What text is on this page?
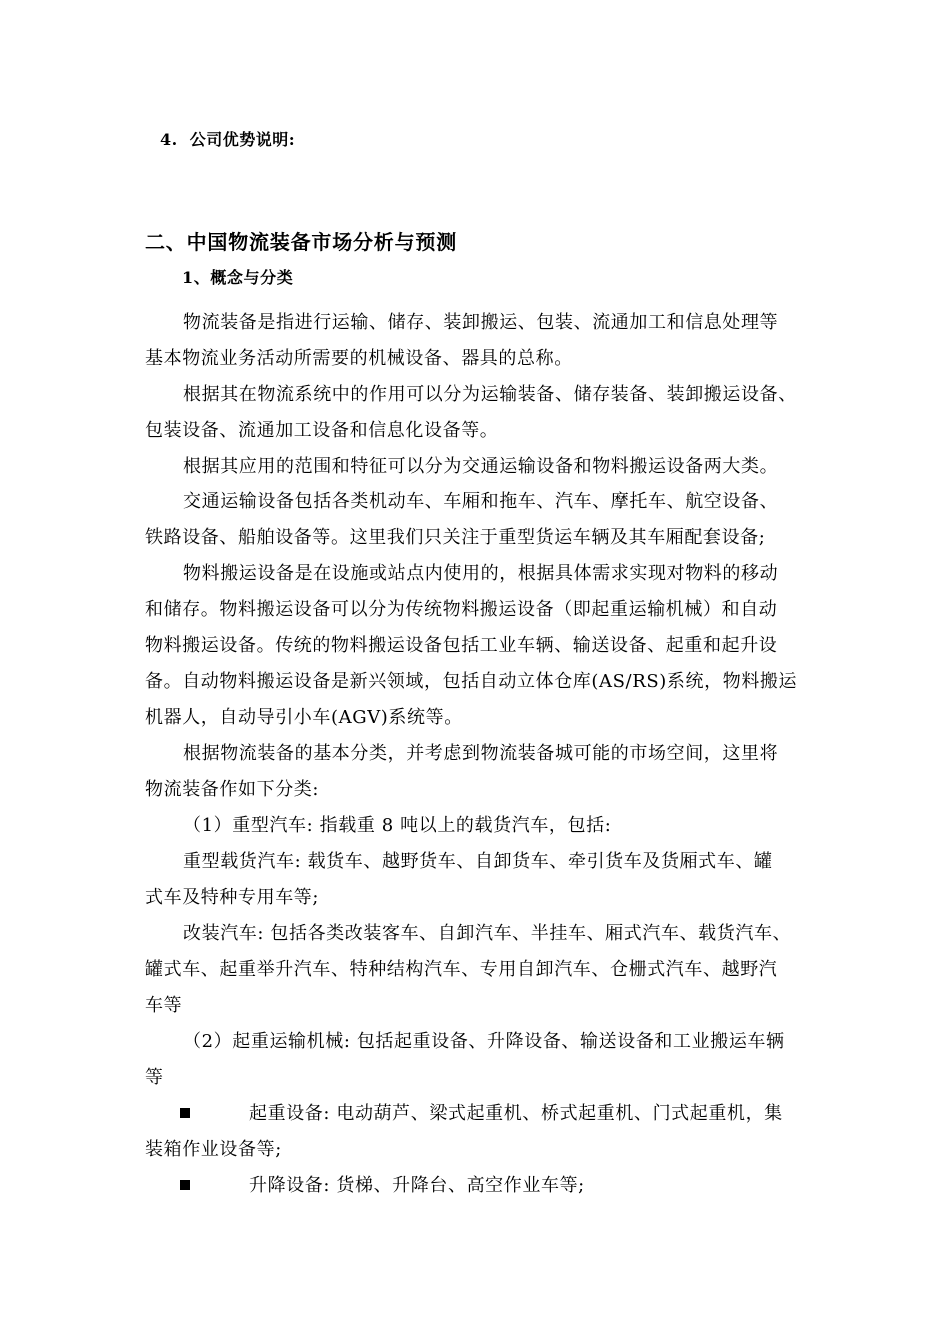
4. 公司优势说明:
二、中国物流装备市场分析与预测
1、概念与分类
物流装备是指进行运输、储存、装卸搬运、包装、流通加工和信息处理等
基本物流业务活动所需要的机械设备、器具的总称。
根据其在物流系统中的作用可以分为运输装备、储存装备、装卸搬运设备、
包装设备、流通加工设备和信息化设备等。
根据其应用的范围和特征可以分为交通运输设备和物料搬运设备两大类。
交通运输设备包括各类机动车、车厢和拖车、汽车、摩托车、航空设备、
铁路设备、船舶设备等。这里我们只关注于重型货运车辆及其车厢配套设备;
物料搬运设备是在设施或站点内使用的，根据具体需求实现对物料的移动
和储存。物料搬运设备可以分为传统物料搬运设备（即起重运输机械）和自动
物料搬运设备。传统的物料搬运设备包括工业车辆、输送设备、起重和起升设
备。自动物料搬运设备是新兴领域，包括自动立体仓库(AS/RS)系统，物料搬运
机器人，自动导引小车(AGV)系统等。
根据物流装备的基本分类，并考虑到物流装备城可能的市场空间，这里将
物流装备作如下分类:
（1）重型汽车: 指载重 8 吨以上的载货汽车，包括:
重型载货汽车: 载货车、越野货车、自卸货车、牵引货车及货厢式车、罐
式车及特种专用车等;
改装汽车: 包括各类改装客车、自卸汽车、半挂车、厢式汽车、载货汽车、
罐式车、起重举升汽车、特种结构汽车、专用自卸汽车、仓栅式汽车、越野汽
车等
（2）起重运输机械: 包括起重设备、升降设备、输送设备和工业搬运车辆
等
起重设备: 电动葫芦、梁式起重机、桥式起重机、门式起重机，集
装箱作业设备等;
升降设备: 货梯、升降台、高空作业车等;
